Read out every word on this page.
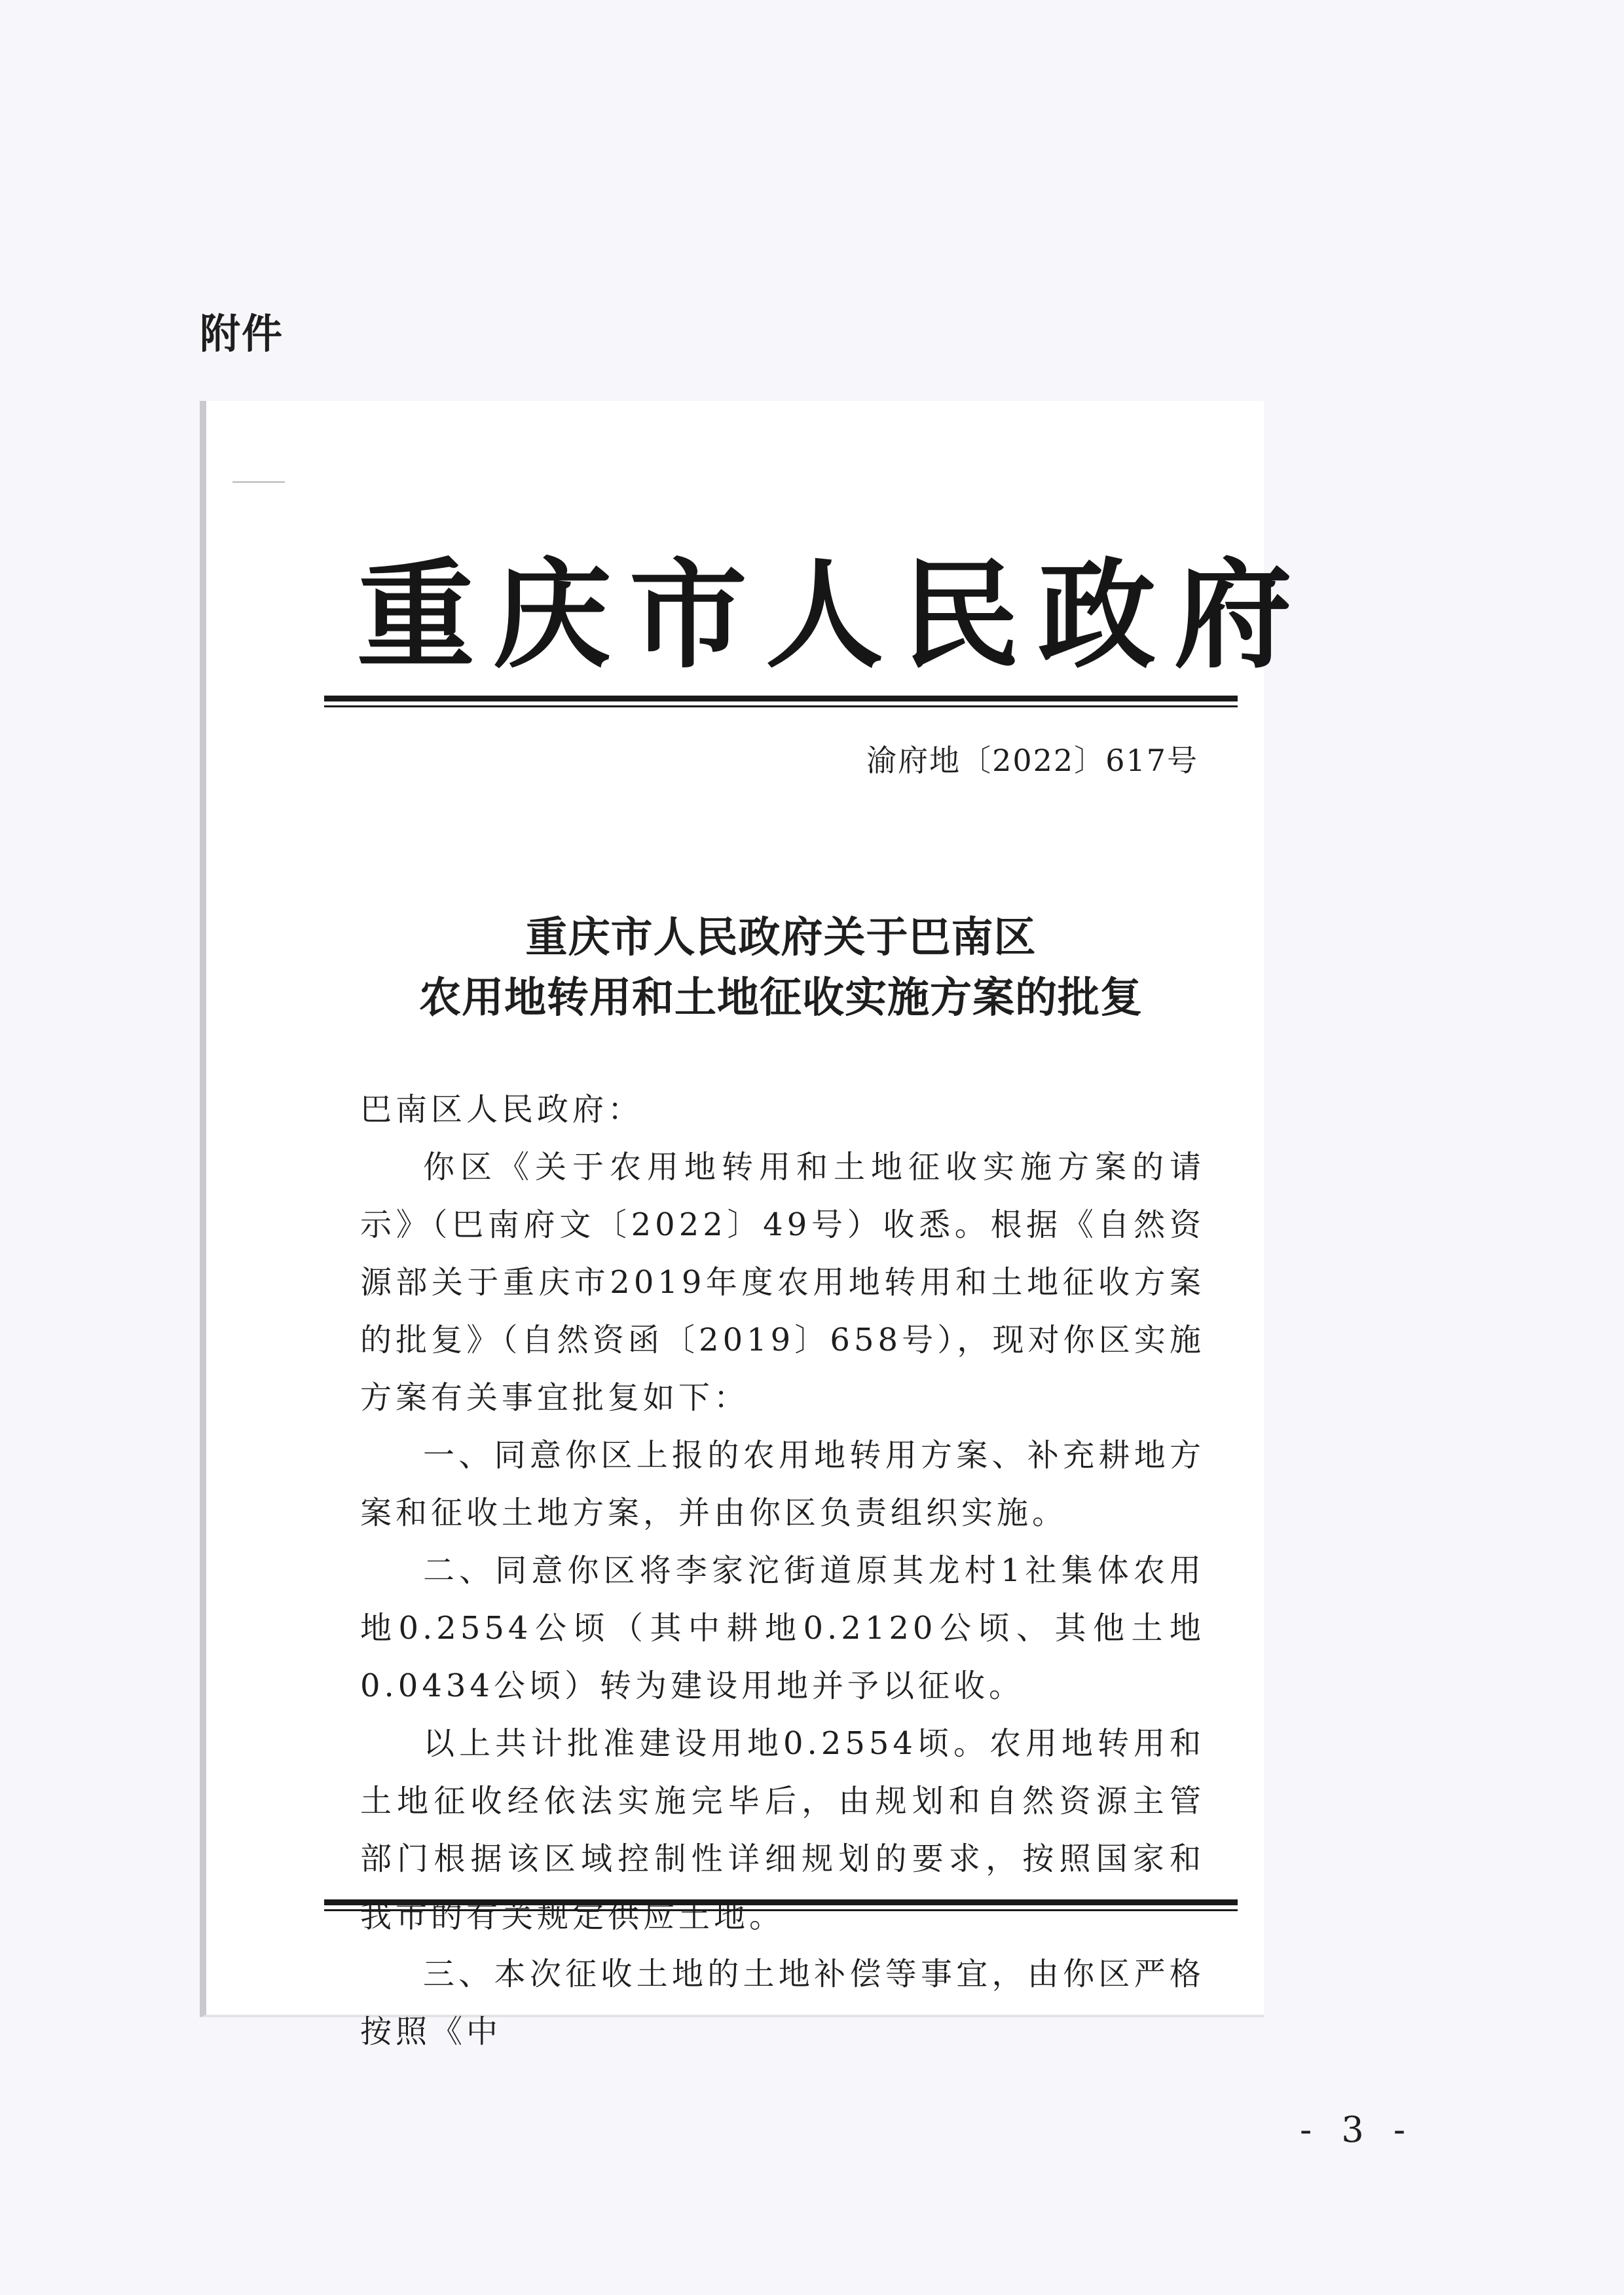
附件
重庆市人民政府
渝府地〔2022〕617号
重庆市人民政府关于巴南区
农用地转用和土地征收实施方案的批复

巴南区人民政府：

你区《关于农用地转用和土地征收实施方案的请示》（巴南府文〔2022〕49号）收悉。根据《自然资源部关于重庆市2019年度农用地转用和土地征收方案的批复》（自然资函〔2019〕658号），现对你区实施方案有关事宜批复如下：

一、同意你区上报的农用地转用方案、补充耕地方案和征收土地方案，并由你区负责组织实施。

二、同意你区将李家沱街道原其龙村1社集体农用地0.2554公顷（其中耕地0.2120公顷、其他土地0.0434公顷）转为建设用地并予以征收。

以上共计批准建设用地0.2554顷。农用地转用和土地征收经依法实施完毕后，由规划和自然资源主管部门根据该区域控制性详细规划的要求，按照国家和我市的有关规定供应土地。

三、本次征收土地的土地补偿等事宜，由你区严格按照《中

- 3 -
